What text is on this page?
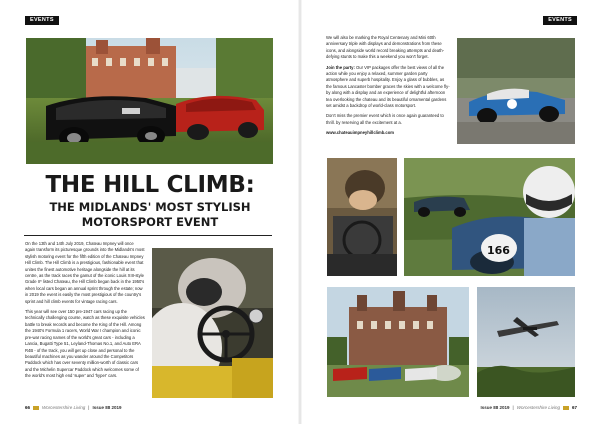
EVENTS
THE HILL CLIMB:
THE MIDLANDS' MOST STYLISH
MOTORSPORT EVENT

On the 13th and 14th July 2019, Chateau Impney will once again transform its picturesque grounds into the Midlands's most stylish motoring event for the fifth edition of the Chateau Impney Hill Climb. The Hill Climb is a prestigious, fashionable event that unites the finest automotive heritage alongside the hill at its centre, as the track races the gamut of the iconic Louis XIII-style Grade II* listed Chateau, the Hill Climb began back in the 1950's when local cars began an annual sprint through the estate; now in 2019 the event is easily the most prestigious of the country's sprint and hill climb events for vintage racing cars.

This year will see over 150 pre-1947 cars racing up the technically challenging course, watch as these exquisite vehicles battle to break records and become the King of the Hill. Among the 1940's Formula 1 racers, World War I champion and iconic pre-war racing names of the world's great cars - including a Lancia, Bugatti Type 51, Leyland-Thomas No.1, and Auto ERA R4B - of the track, you will get up close and personal to the beautiful machines as you wander around the Competitors Paddock which has over seventy million-worth of classic cars and the Michelin Supercar Paddock which welcomes some of the world's most high end 'super' and 'hyper' cars.

66	Worcestershire Living | Issue 88 2019
EVENTS

We will also be marking the Royal Centenary and Mini 60th anniversary triple with displays and demonstrations from these icons, and alongside world record breaking attempts and death-defying stunts to make this a weekend you won't forget.

Join the party: Our VIP packages offer the best views of all the action while you enjoy a relaxed, summer garden party atmosphere and superb hospitality. Enjoy a glass of bubbles, as the famous Lancaster bomber graces the skies with a welcome fly-by along with a display and an experience of delightful afternoon tea overlooking the chateau and its beautiful ornamental gardens set amidst a backdrop of world-class motorsport.

Don't miss the premier event which is once again guaranteed to thrill. by reserving all the excitement at a.

www.chateauimpneyhillclimb.com

166
Issue 88 2019 | Worcestershire Living	67
